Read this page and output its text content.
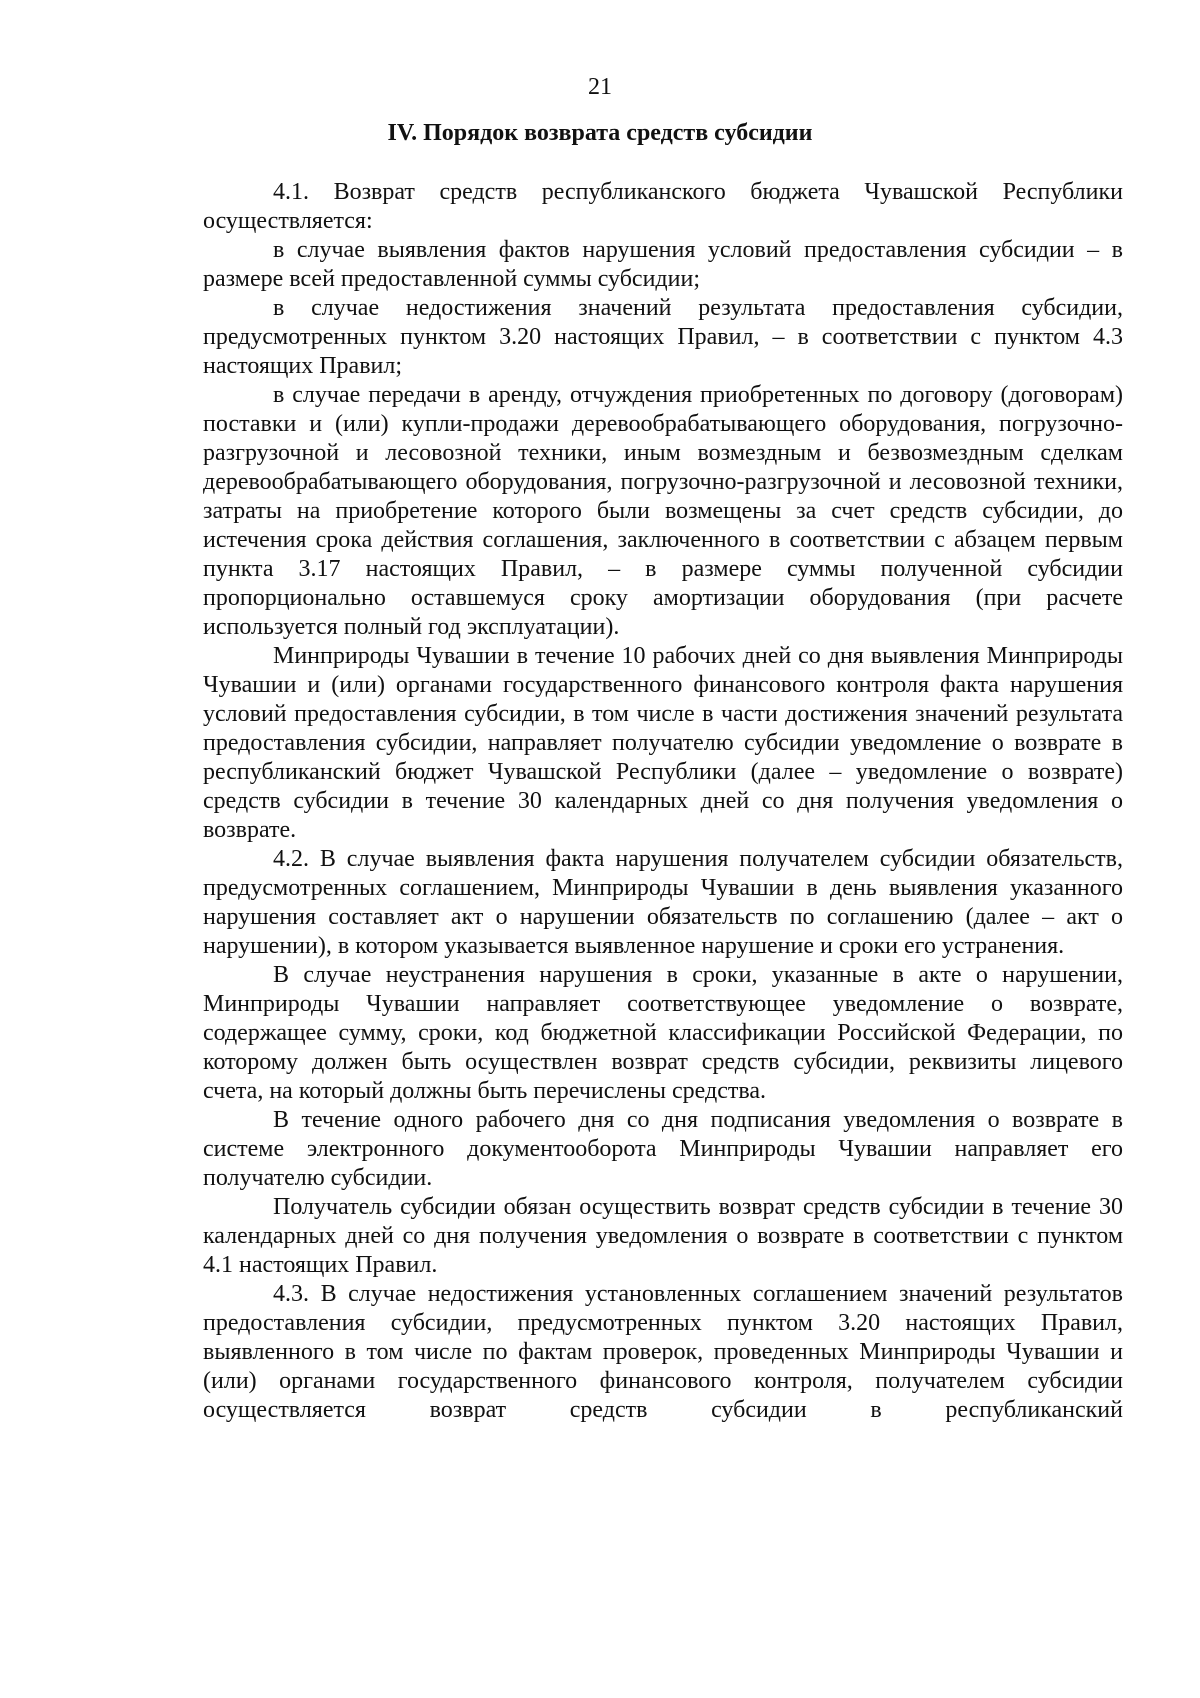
21
IV. Порядок возврата средств субсидии

4.1. Возврат средств республиканского бюджета Чувашской Республики осуществляется:

в случае выявления фактов нарушения условий предоставления субсидии – в размере всей предоставленной суммы субсидии;

в случае недостижения значений результата предоставления субсидии, предусмотренных пунктом 3.20 настоящих Правил, – в соответствии с пунктом 4.3 настоящих Правил;

в случае передачи в аренду, отчуждения приобретенных по договору (договорам) поставки и (или) купли-продажи деревообрабатывающего оборудования, погрузочно-разгрузочной и лесовозной техники, иным возмездным и безвозмездным сделкам деревообрабатывающего оборудования, погрузочно-разгрузочной и лесовозной техники, затраты на приобретение которого были возмещены за счет средств субсидии, до истечения срока действия соглашения, заключенного в соответствии с абзацем первым пункта 3.17 настоящих Правил, – в размере суммы полученной субсидии пропорционально оставшемуся сроку амортизации оборудования (при расчете используется полный год эксплуатации).

Минприроды Чувашии в течение 10 рабочих дней со дня выявления Минприроды Чувашии и (или) органами государственного финансового контроля факта нарушения условий предоставления субсидии, в том числе в части достижения значений результата предоставления субсидии, направляет получателю субсидии уведомление о возврате в республиканский бюджет Чувашской Республики (далее – уведомление о возврате) средств субсидии в течение 30 календарных дней со дня получения уведомления о возврате.

4.2. В случае выявления факта нарушения получателем субсидии обязательств, предусмотренных соглашением, Минприроды Чувашии в день выявления указанного нарушения составляет акт о нарушении обязательств по соглашению (далее – акт о нарушении), в котором указывается выявленное нарушение и сроки его устранения.

В случае неустранения нарушения в сроки, указанные в акте о нарушении, Минприроды Чувашии направляет соответствующее уведомление о возврате, содержащее сумму, сроки, код бюджетной классификации Российской Федерации, по которому должен быть осуществлен возврат средств субсидии, реквизиты лицевого счета, на который должны быть перечислены средства.

В течение одного рабочего дня со дня подписания уведомления о возврате в системе электронного документооборота Минприроды Чувашии направляет его получателю субсидии.

Получатель субсидии обязан осуществить возврат средств субсидии в течение 30 календарных дней со дня получения уведомления о возврате в соответствии с пунктом 4.1 настоящих Правил.

4.3. В случае недостижения установленных соглашением значений результатов предоставления субсидии, предусмотренных пунктом 3.20 настоящих Правил, выявленного в том числе по фактам проверок, проведенных Минприроды Чувашии и (или) органами государственного финансового контроля, получателем субсидии осуществляется возврат средств субсидии в республиканский
